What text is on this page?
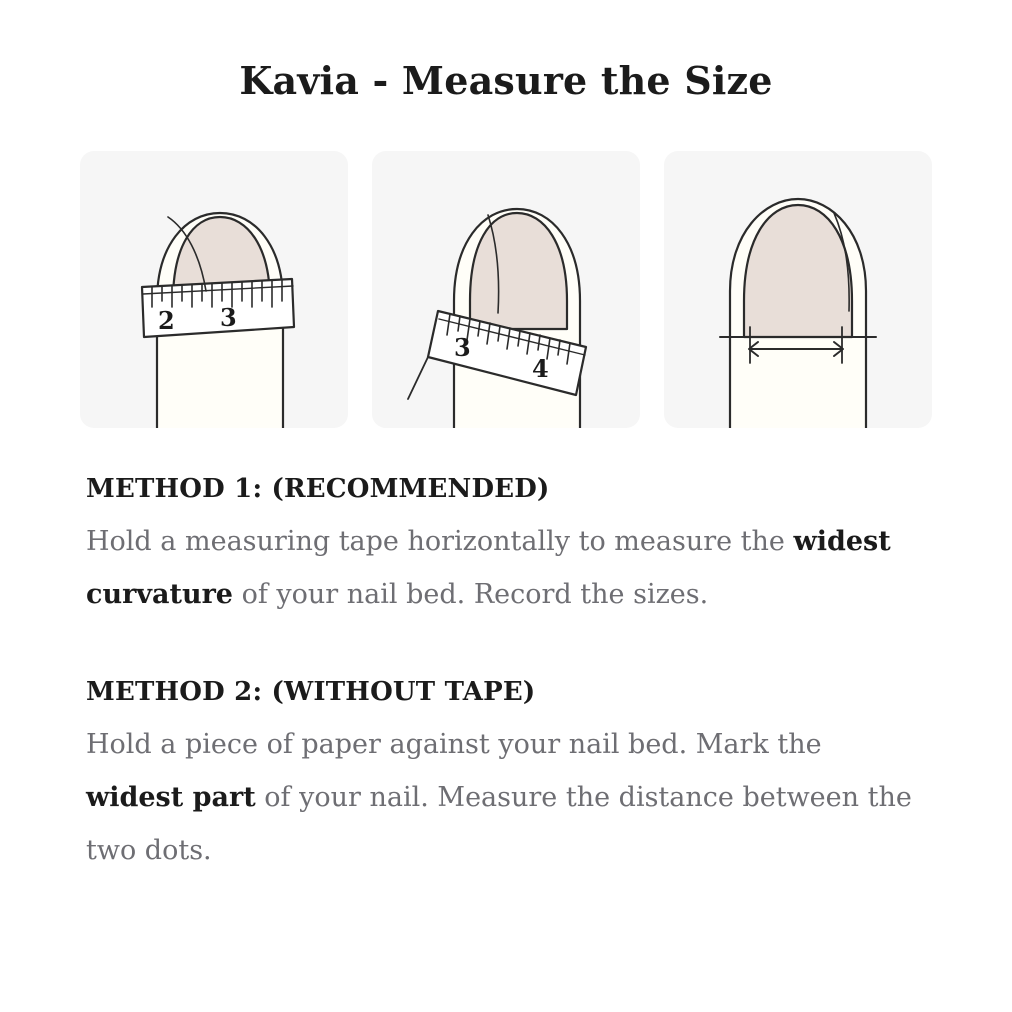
Kavia - Measure the Size
2 3
3
4

METHOD 1: (RECOMMENDED)

Hold a measuring tape horizontally to measure the widest curvature of your nail bed. Record the sizes.

METHOD 2: (WITHOUT TAPE)

Hold a piece of paper against your nail bed. Mark the widest part of your nail. Measure the distance between the two dots.
